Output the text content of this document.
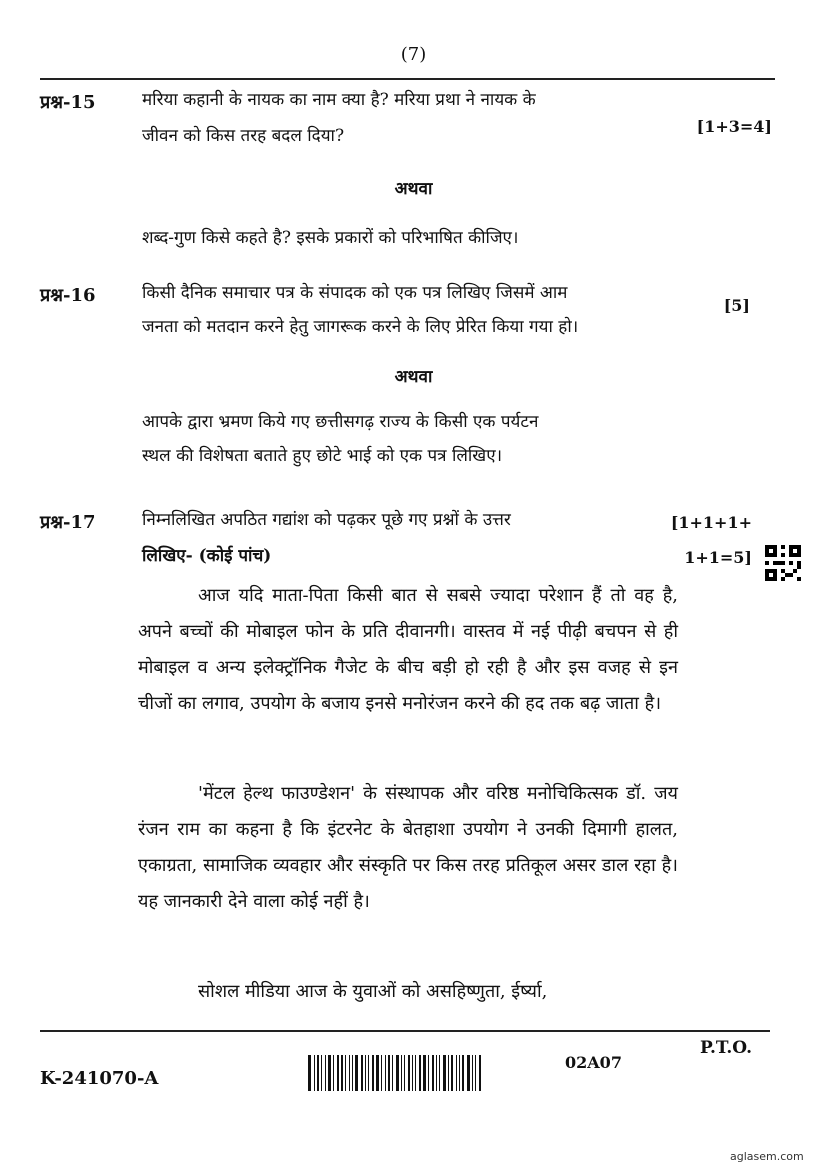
(7)
प्रश्न-15	मरिया कहानी के नायक का नाम क्या है? मरिया प्रथा ने नायक के
जीवन को किस तरह बदल दिया?	[1+3=4]
अथवा
शब्द-गुण किसे कहते है? इसके प्रकारों को परिभाषित कीजिए।
प्रश्न-16	किसी दैनिक समाचार पत्र के संपादक को एक पत्र लिखिए जिसमें आम
जनता को मतदान करने हेतु जागरूक करने के लिए प्रेरित किया गया हो।
[5]
अथवा
आपके द्वारा भ्रमण किये गए छत्तीसगढ़ राज्य के किसी एक पर्यटन
स्थल की विशेषता बताते हुए छोटे भाई को एक पत्र लिखिए।
प्रश्न-17	निम्नलिखित अपठित गद्यांश को पढ़कर पूछे गए प्रश्नों के उत्तर
लिखिए- (कोई पांच)
[1+1+1+
1+1=5]
आज यदि माता-पिता किसी बात से सबसे ज्यादा परेशान हैं तो वह है, अपने बच्चों की मोबाइल फोन के प्रति दीवानगी। वास्तव में नई पीढ़ी बचपन से ही मोबाइल व अन्य इलेक्ट्रॉनिक गैजेट के बीच बड़ी हो रही है और इस वजह से इन चीजों का लगाव, उपयोग के बजाय इनसे मनोरंजन करने की हद तक बढ़ जाता है।
'मेंटल हेल्थ फाउण्डेशन' के संस्थापक और वरिष्ठ मनोचिकित्सक डॉ. जय रंजन राम का कहना है कि इंटरनेट के बेतहाशा उपयोग ने उनकी दिमागी हालत, एकाग्रता, सामाजिक व्यवहार और संस्कृति पर किस तरह प्रतिकूल असर डाल रहा है। यह जानकारी देने वाला कोई नहीं है।
सोशल मीडिया आज के युवाओं को असहिष्णुता, ईर्ष्या,
P.T.O.
K-241070-A
02A07
aglasem.com
